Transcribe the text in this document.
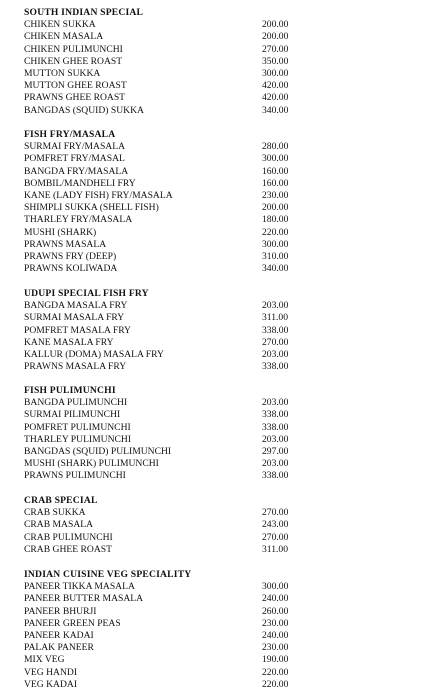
SOUTH INDIAN SPECIAL
CHIKEN SUKKA	200.00
CHIKEN MASALA	200.00
CHIKEN PULIMUNCHI	270.00
CHIKEN GHEE ROAST	350.00
MUTTON SUKKA	300.00
MUTTON GHEE ROAST	420.00
PRAWNS GHEE ROAST	420.00
BANGDAS (SQUID) SUKKA	340.00
FISH FRY/MASALA
SURMAI FRY/MASALA	280.00
POMFRET FRY/MASAL	300.00
BANGDA FRY/MASALA	160.00
BOMBIL/MANDHELI FRY	160.00
KANE (LADY FISH) FRY/MASALA	230.00
SHIMPLI SUKKA (SHELL FISH)	200.00
THARLEY FRY/MASALA	180.00
MUSHI (SHARK)	220.00
PRAWNS MASALA	300.00
PRAWNS FRY (DEEP)	310.00
PRAWNS KOLIWADA	340.00
UDUPI SPECIAL FISH FRY
BANGDA MASALA FRY	203.00
SURMAI MASALA FRY	311.00
POMFRET MASALA FRY	338.00
KANE MASALA FRY	270.00
KALLUR (DOMA) MASALA FRY	203.00
PRAWNS MASALA FRY	338.00
FISH PULIMUNCHI
BANGDA PULIMUNCHI	203.00
SURMAI PILIMUNCHI	338.00
POMFRET PULIMUNCHI	338.00
THARLEY PULIMUNCHI	203.00
BANGDAS (SQUID) PULIMUNCHI	297.00
MUSHI (SHARK) PULIMUNCHI	203.00
PRAWNS PULIMUNCHI	338.00
CRAB SPECIAL
CRAB SUKKA	270.00
CRAB MASALA	243.00
CRAB PULIMUNCHI	270.00
CRAB GHEE ROAST	311.00
INDIAN CUISINE VEG SPECIALITY
PANEER TIKKA MASALA	300.00
PANEER BUTTER MASALA	240.00
PANEER BHURJI	260.00
PANEER GREEN PEAS	230.00
PANEER KADAI	240.00
PALAK PANEER	230.00
MIX VEG	190.00
VEG HANDI	220.00
VEG KADAI	220.00
